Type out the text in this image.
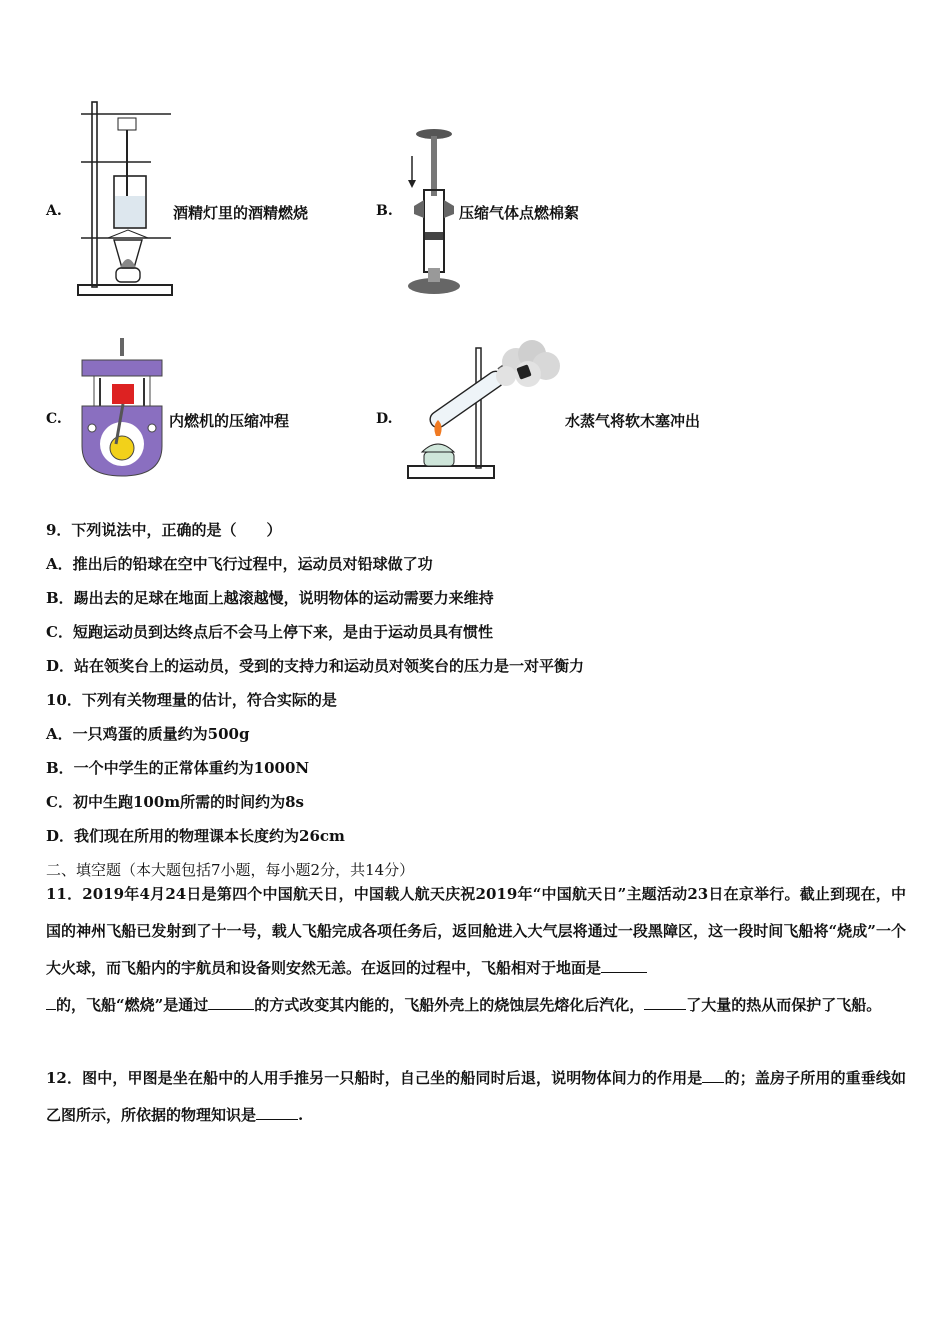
A.	酒精灯里的酒精燃烧	B.	压缩气体点燃棉絮
C.	内燃机的压缩冲程	D.	水蒸气将软木塞冲出
9．下列说法中，正确的是（　　）
A．推出后的铅球在空中飞行过程中，运动员对铅球做了功
B．踢出去的足球在地面上越滚越慢，说明物体的运动需要力来维持
C．短跑运动员到达终点后不会马上停下来，是由于运动员具有惯性
D．站在领奖台上的运动员，受到的支持力和运动员对领奖台的压力是一对平衡力
10．下列有关物理量的估计，符合实际的是
A．一只鸡蛋的质量约为500g
B．一个中学生的正常体重约为1000N
C．初中生跑100m所需的时间约为8s
D．我们现在所用的物理课本长度约为26cm
二、填空题（本大题包括7小题，每小题2分，共14分）
11．2019年4月24日是第四个中国航天日，中国载人航天庆祝2019年“中国航天日”主题活动23日在京举行。截止到现在，中国的神州飞船已发射到了十一号，载人飞船完成各项任务后，返回舱进入大气层将通过一段黑障区，这一段时间飞船将“烧成”一个大火球，而飞船内的宇航员和设备则安然无恙。在返回的过程中，飞船相对于地面是
的，飞船“燃烧”是通过	的方式改变其内能的，飞船外壳上的烧蚀层先熔化后汽化，	了大量的热从而保护了飞船。
12．图中，甲图是坐在船中的人用手推另一只船时，自己坐的船同时后退，说明物体间力的作用是 的；盖房子所用的重垂线如乙图所示，所依据的物理知识是	.
